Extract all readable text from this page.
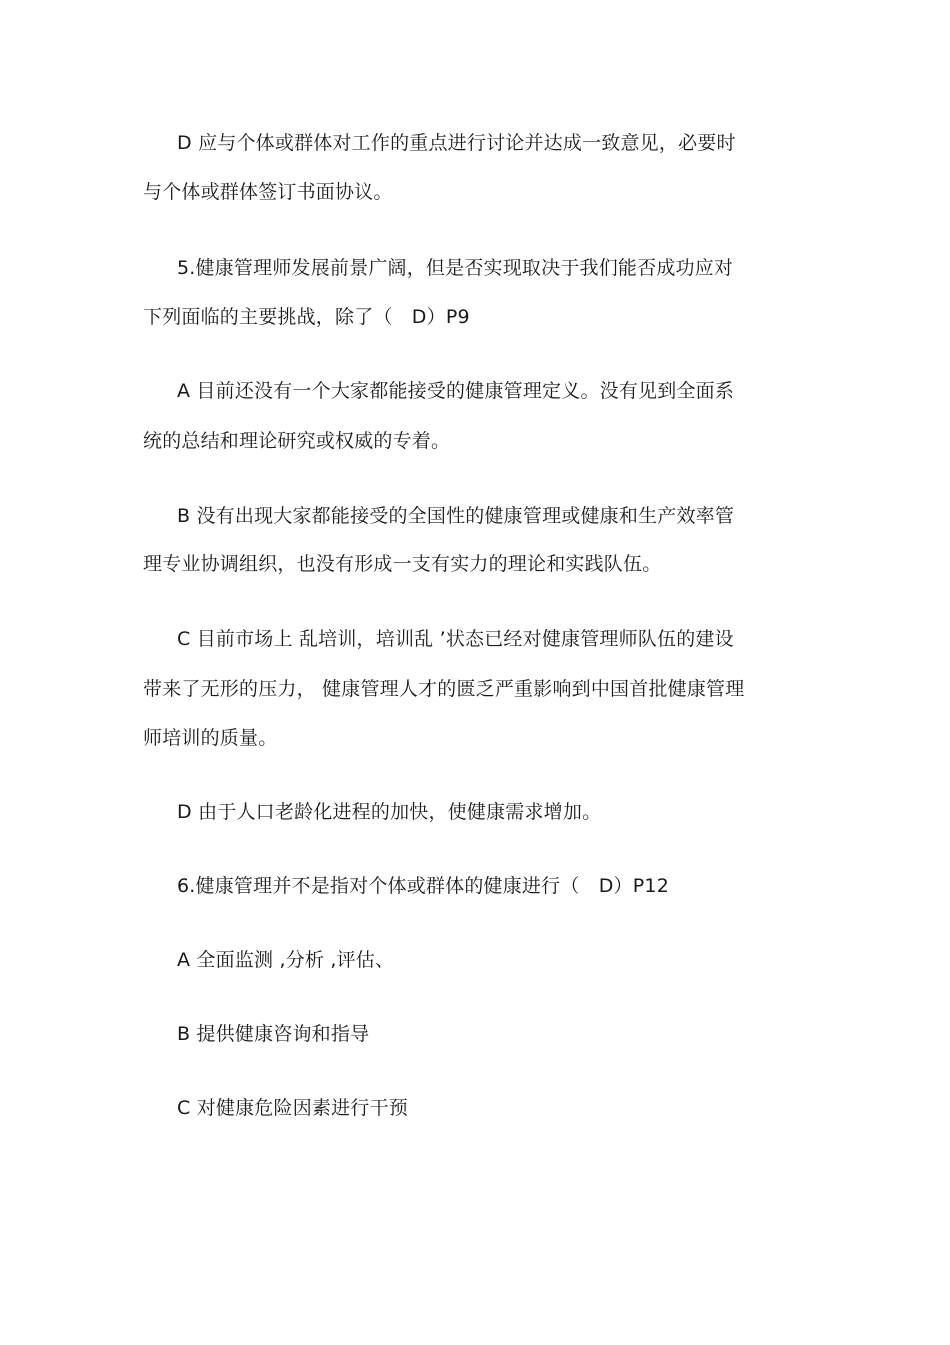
D 应与个体或群体对工作的重点进行讨论并达成一致意见，必要时
与个体或群体签订书面协议。
5.健康管理师发展前景广阔，但是否实现取决于我们能否成功应对
下列面临的主要挑战，除了（　D）P9
A 目前还没有一个大家都能接受的健康管理定义。没有见到全面系
统的总结和理论研究或权威的专着。
B 没有出现大家都能接受的全国性的健康管理或健康和生产效率管
理专业协调组织，也没有形成一支有实力的理论和实践队伍。
C 目前市场上 乱培训，培训乱 ’状态已经对健康管理师队伍的建设
带来了无形的压力， 健康管理人才的匮乏严重影响到中国首批健康管理
师培训的质量。
D 由于人口老龄化进程的加快，使健康需求增加。
6.健康管理并不是指对个体或群体的健康进行（　D）P12
A 全面监测 ,分析 ,评估、
B 提供健康咨询和指导
C 对健康危险因素进行干预
